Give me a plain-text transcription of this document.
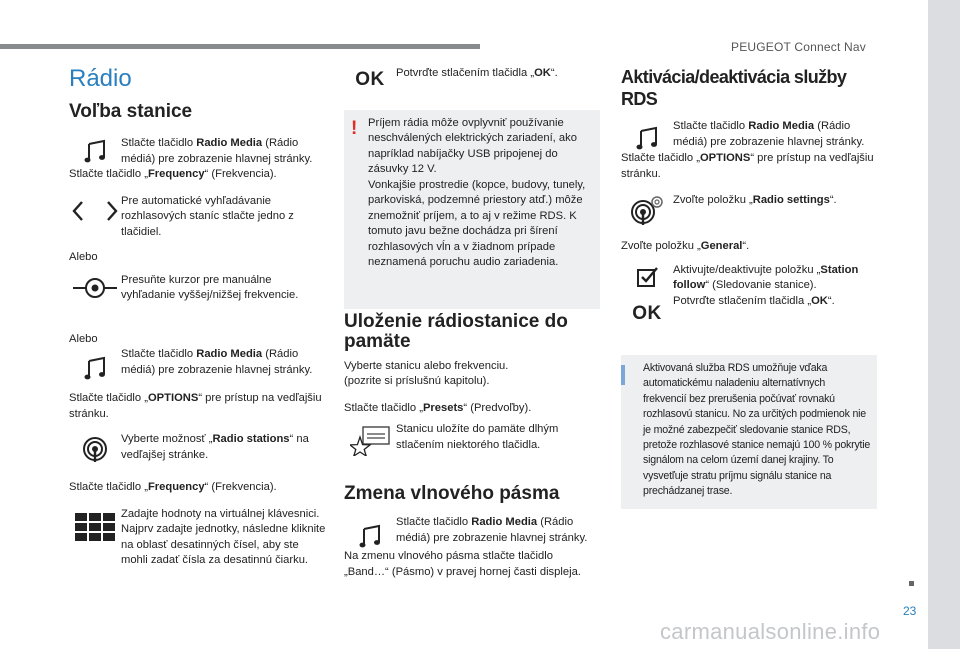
PEUGEOT Connect Nav
23
carmanualsonline.info
Rádio
Voľba stanice
Stlačte tlačidlo Radio Media (Rádio médiá) pre zobrazenie hlavnej stránky.

Stlačte tlačidlo „Frequency“ (Frekvencia).

Pre automatické vyhľadávanie rozhlasových staníc stlačte jedno z tlačidiel.

Alebo

Presuňte kurzor pre manuálne vyhľadanie vyššej/nižšej frekvencie.

Alebo

Stlačte tlačidlo Radio Media (Rádio médiá) pre zobrazenie hlavnej stránky.

Stlačte tlačidlo „OPTIONS“ pre prístup na vedľajšiu stránku.

Vyberte možnosť „Radio stations“ na vedľajšej stránke.

Stlačte tlačidlo „Frequency“ (Frekvencia).

Zadajte hodnoty na virtuálnej klávesnici.
Najprv zadajte jednotky, následne kliknite na oblasť desatinných čísel, aby ste mohli zadať čísla za desatinnú čiarku.
OK Potvrďte stlačením tlačidla „OK“.
! Príjem rádia môže ovplyvniť používanie neschválených elektrických zariadení, ako napríklad nabíjačky USB pripojenej do zásuvky 12 V.

Vonkajšie prostredie (kopce, budovy, tunely, parkoviská, podzemné priestory atď.) môže znemožniť príjem, a to aj v režime RDS. K tomuto javu bežne dochádza pri šírení rozhlasových vĺn a v žiadnom prípade neznamená poruchu audio zariadenia.

Uloženie rádiostanice do pamäte

Vyberte stanicu alebo frekvenciu.

(pozrite si príslušnú kapitolu).

Stlačte tlačidlo „Presets“ (Predvoľby).

Stanicu uložíte do pamäte dlhým stlačením niektorého tlačidla.
Zmena vlnového pásma
Stlačte tlačidlo Radio Media (Rádio médiá) pre zobrazenie hlavnej stránky.

Na zmenu vlnového pásma stlačte tlačidlo „Band…“ (Pásmo) v pravej hornej časti displeja.

Aktivácia/deaktivácia služby RDS
Stlačte tlačidlo Radio Media (Rádio médiá) pre zobrazenie hlavnej stránky.

Stlačte tlačidlo „OPTIONS“ pre prístup na vedľajšiu stránku.

Zvoľte položku „Radio settings“.

Zvoľte položku „General“.

OK
Aktivujte/deaktivujte položku „Station follow“ (Sledovanie stanice).
Potvrďte stlačením tlačidla „OK“.

Aktivovaná služba RDS umožňuje vďaka automatickému naladeniu alternatívnych frekvencií bez prerušenia počúvať rovnakú rozhlasovú stanicu. No za určitých podmienok nie je možné zabezpečiť sledovanie stanice RDS, pretože rozhlasové stanice nemajú 100 % pokrytie signálom na celom území danej krajiny. To vysvetľuje stratu príjmu signálu stanice na prechádzanej trase.
